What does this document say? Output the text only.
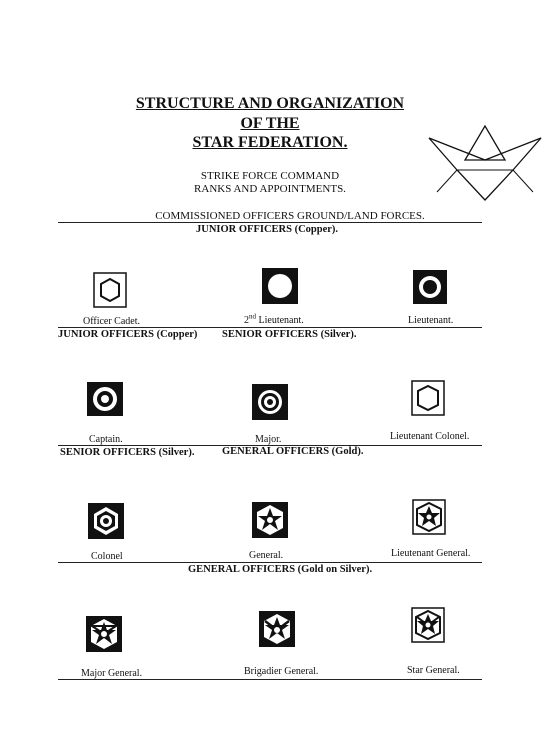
STRUCTURE AND ORGANIZATION
OF THE
STAR FEDERATION.
STRIKE FORCE COMMAND
RANKS AND APPOINTMENTS.
COMMISSIONED OFFICERS GROUND/LAND FORCES.
JUNIOR OFFICERS (Copper).
Officer Cadet.	2nd Lieutenant.	Lieutenant.
JUNIOR OFFICERS (Copper) SENIOR OFFICERS (Silver).
Captain.	Major.	Lieutenant Colonel.
SENIOR OFFICERS (Silver).	GENERAL OFFICERS (Gold).
Colonel	General.	Lieutenant General.
GENERAL OFFICERS (Gold on Silver).
Major General.	Brigadier General.	Star General.
